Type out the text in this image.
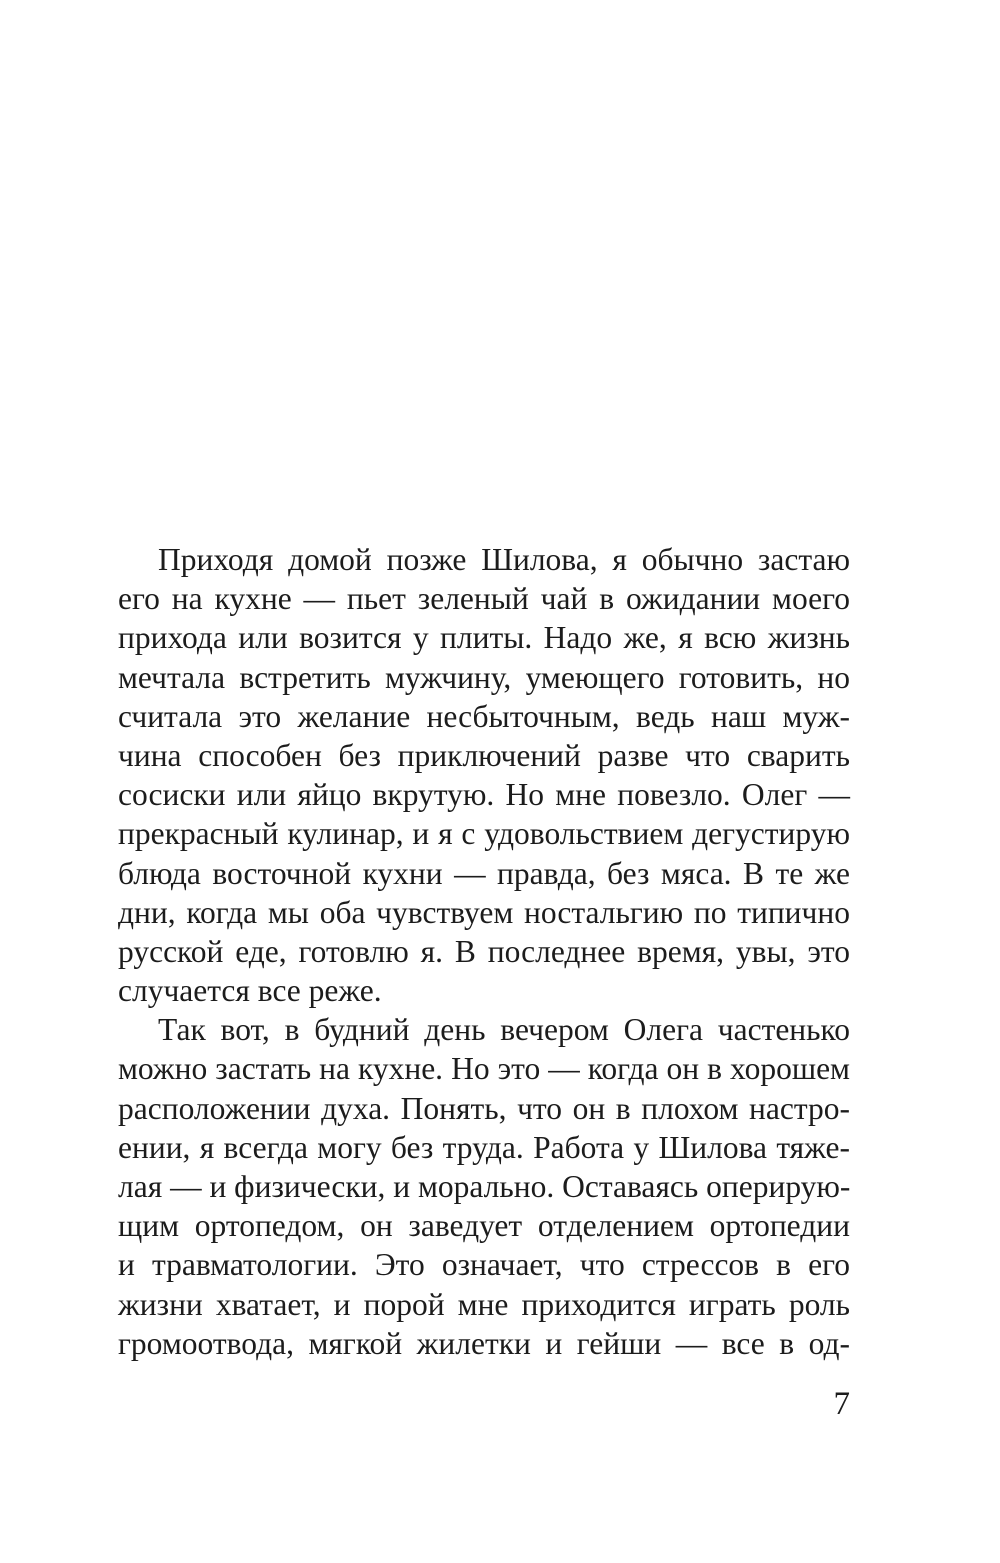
Приходя домой позже Шилова, я обычно застаю
его на кухне — пьет зеленый чай в ожидании моего
прихода или возится у плиты. Надо же, я всю жизнь
мечтала встретить мужчину, умеющего готовить, но
считала это желание несбыточным, ведь наш муж-
чина способен без приключений разве что сварить
сосиски или яйцо вкрутую. Но мне повезло. Олег —
прекрасный кулинар, и я с удовольствием дегустирую
блюда восточной кухни — правда, без мяса. В те же
дни, когда мы оба чувствуем ностальгию по типично
русской еде, готовлю я. В последнее время, увы, это
случается все реже.
Так вот, в будний день вечером Олега частенько
можно застать на кухне. Но это — когда он в хорошем
расположении духа. Понять, что он в плохом настро-
ении, я всегда могу без труда. Работа у Шилова тяже-
лая — и физически, и морально. Оставаясь оперирую-
щим ортопедом, он заведует отделением ортопедии
и травматологии. Это означает, что стрессов в его
жизни хватает, и порой мне приходится играть роль
громоотвода, мягкой жилетки и гейши — все в од-
7
